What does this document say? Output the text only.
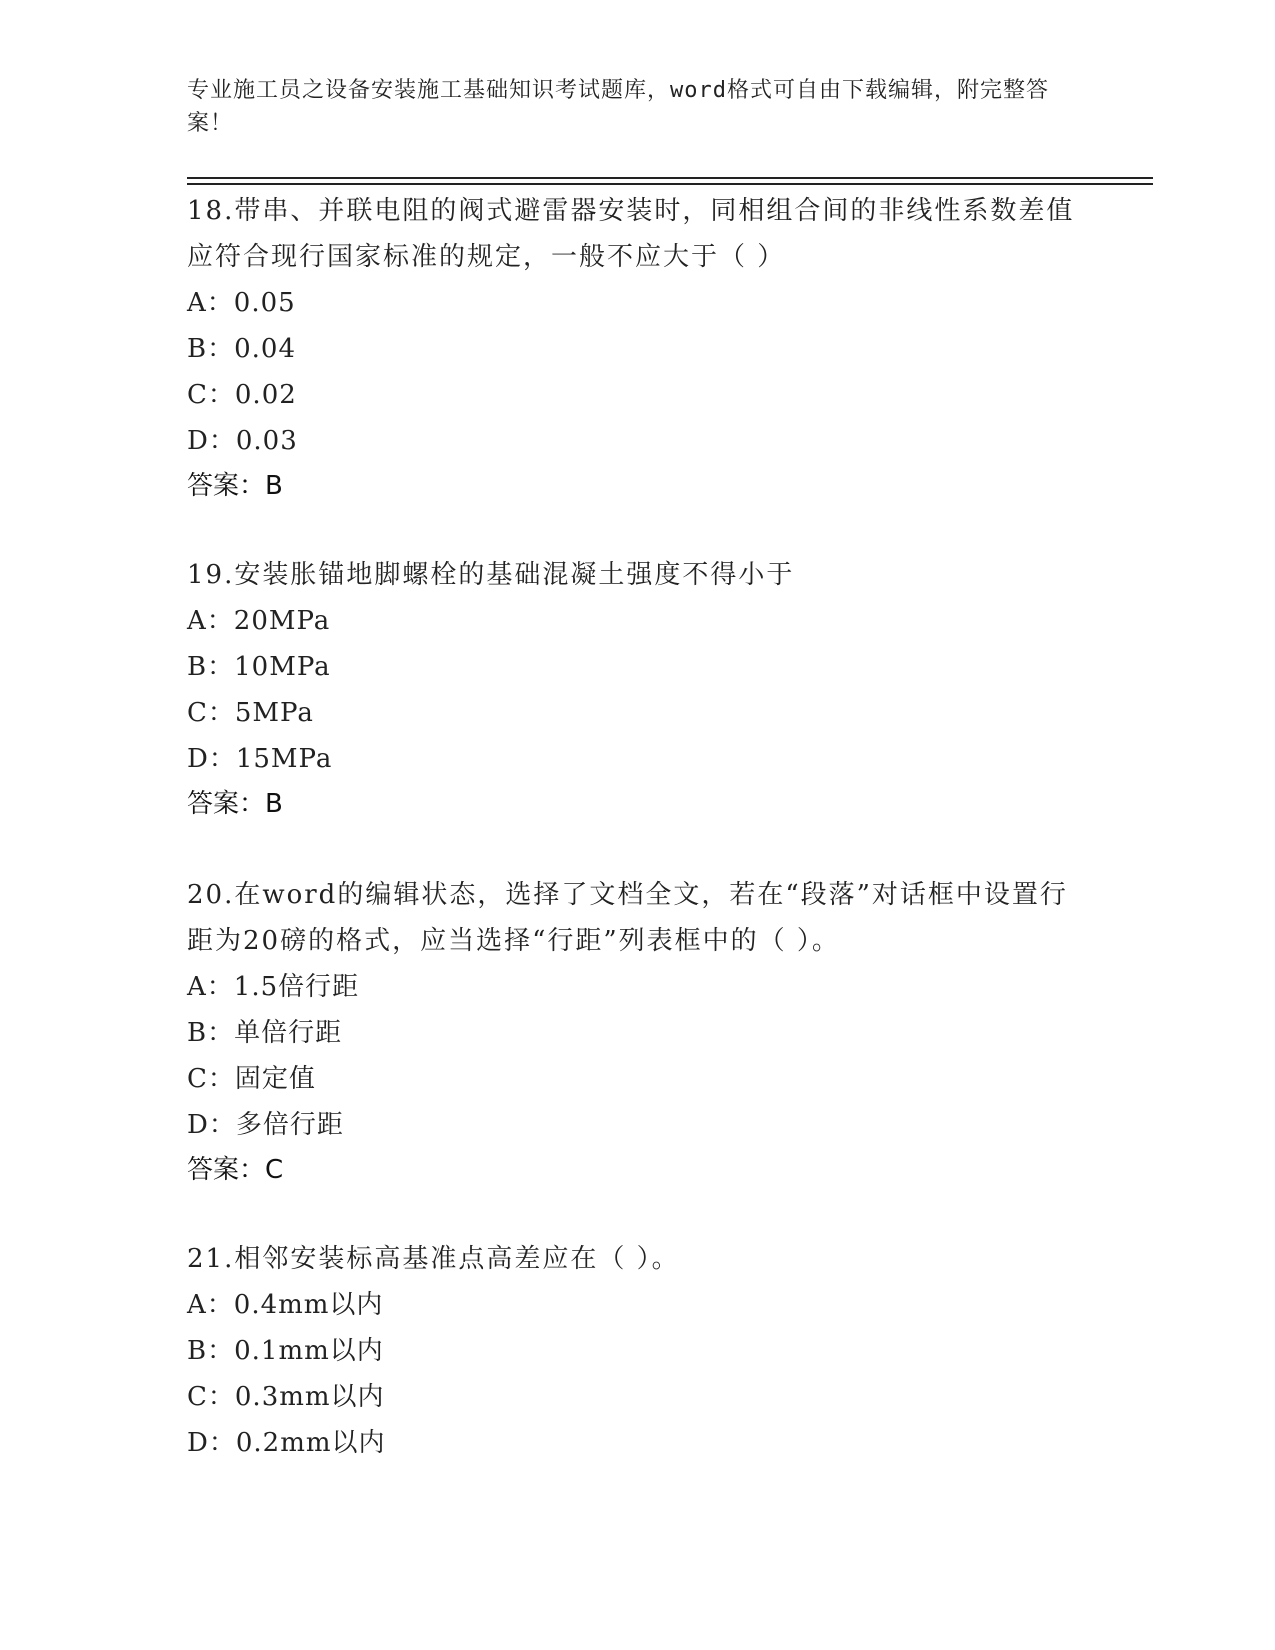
专业施工员之设备安装施工基础知识考试题库，word格式可自由下载编辑，附完整答案！
18.带串、并联电阻的阀式避雷器安装时，同相组合间的非线性系数差值应符合现行国家标准的规定，一般不应大于（ ）
A：0.05
B：0.04
C：0.02
D：0.03
答案：B
19.安装胀锚地脚螺栓的基础混凝土强度不得小于
A：20MPa
B：10MPa
C：5MPa
D：15MPa
答案：B
20.在word的编辑状态，选择了文档全文，若在“段落”对话框中设置行距为20磅的格式，应当选择“行距”列表框中的（ ）。
A：1.5倍行距
B：单倍行距
C：固定值
D：多倍行距
答案：C
21.相邻安装标高基准点高差应在（ ）。
A：0.4mm以内
B：0.1mm以内
C：0.3mm以内
D：0.2mm以内
